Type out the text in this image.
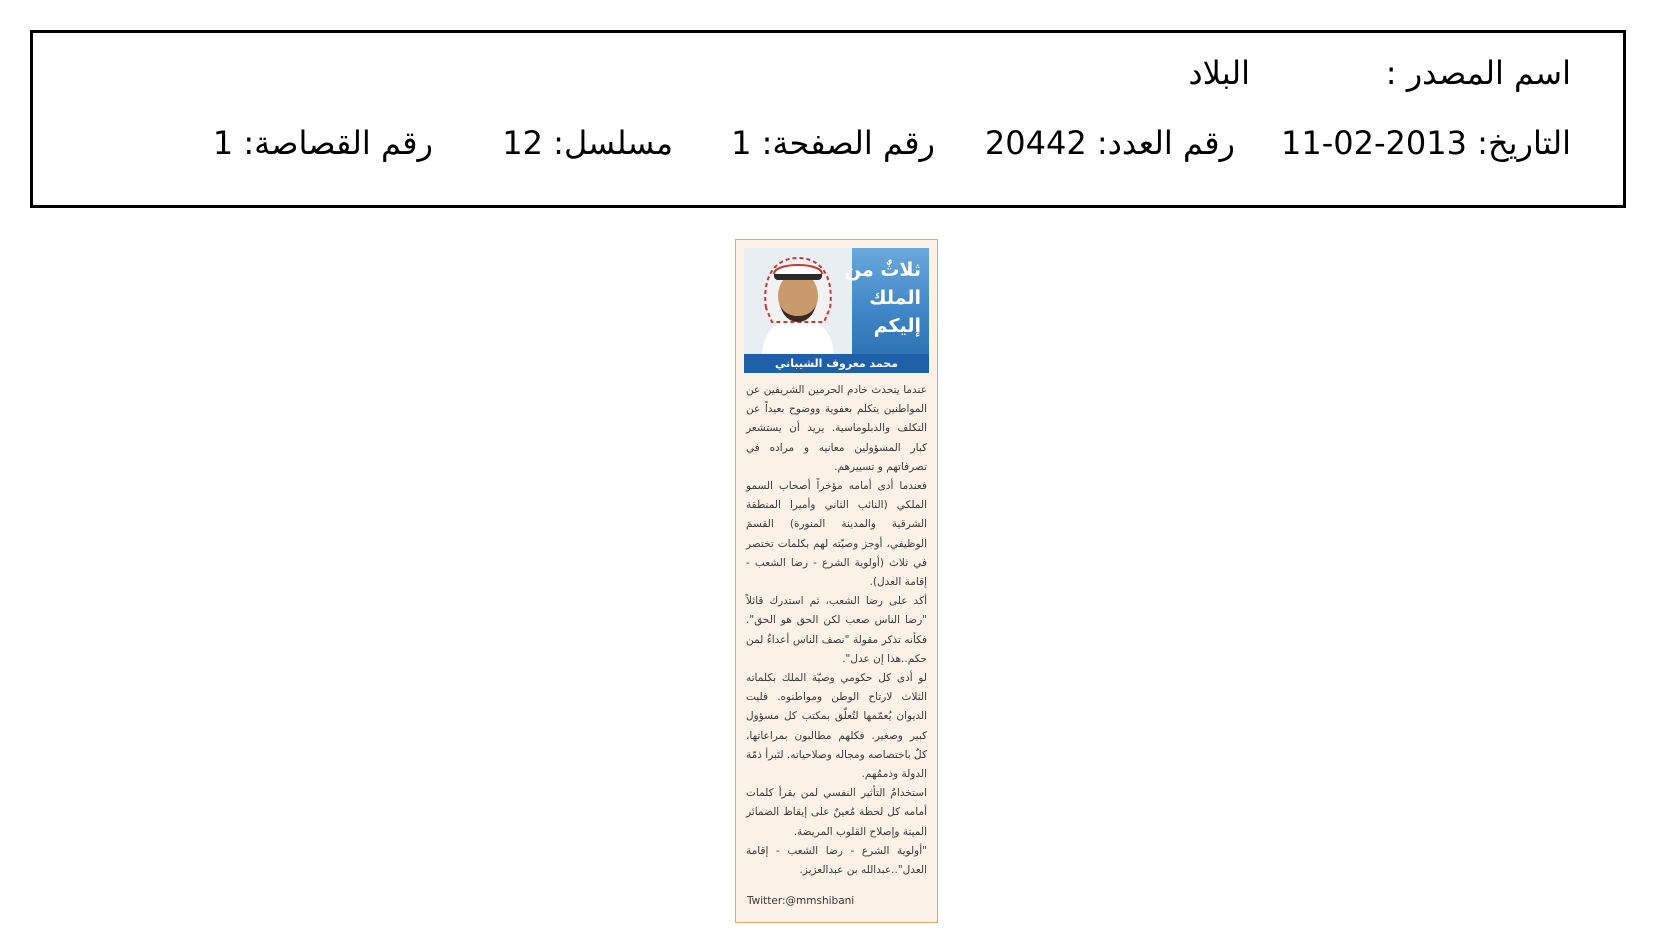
اسم المصدر :
البلاد
التاريخ: 2013-02-11
رقم العدد: 20442
رقم الصفحة: 1
مسلسل: 12
رقم القصاصة: 1
ثلاثٌ من
الملك
إليكم
محمد معروف الشيباني

عندما يتحدث خادم الحرمين الشريفين عن المواطنين يتكلم بعفوية ووضوح بعيداً عن التكلف والدبلوماسية. يريد أن يستشعر كبار المسؤولين معانيه و مراده في تصرفاتهم و تسييرهم.

فعندما أدى أمامه مؤخراً أصحاب السمو الملكي (النائب الثاني وأميرا المنطقة الشرقية والمدينة المنورة) القسمَ الوظيفي، أوجز وصيّته لهم بكلمات تختصر في ثلاث (أولوية الشرع - رضا الشعب - إقامة العدل).

أكد على رضا الشعب، ثم استدرك قائلاً "رضا الناس صعب لكن الحق هو الحق". فكأنه تذكر مقولة "نصف الناس أعداءٌ لمن حكم..هذا إن عدل".

لو أدى كل حكومي وصيّة الملك بكلماته الثلاث لارتاح الوطن ومواطنوه. فليت الديوان يُعمّمها لتُعلّق بمكتب كل مسؤول كبير وصغير. فكلهم مطالبون بمراعاتها، كلٌ باختصاصه ومجاله وصلاحياته. لتَبرأ ذمّة الدولة وذممُهم.

استخدامُ التأثير النفسي لمن يقرأ كلمات أمامه كل لحظة مُعينٌ على إيقاظ الضمائر الميتة وإصلاح القلوب المريضة.

"أولوية الشرع - رضا الشعب - إقامة العدل"..عبدالله بن عبدالعزيز.

Twitter:@mmshibani
